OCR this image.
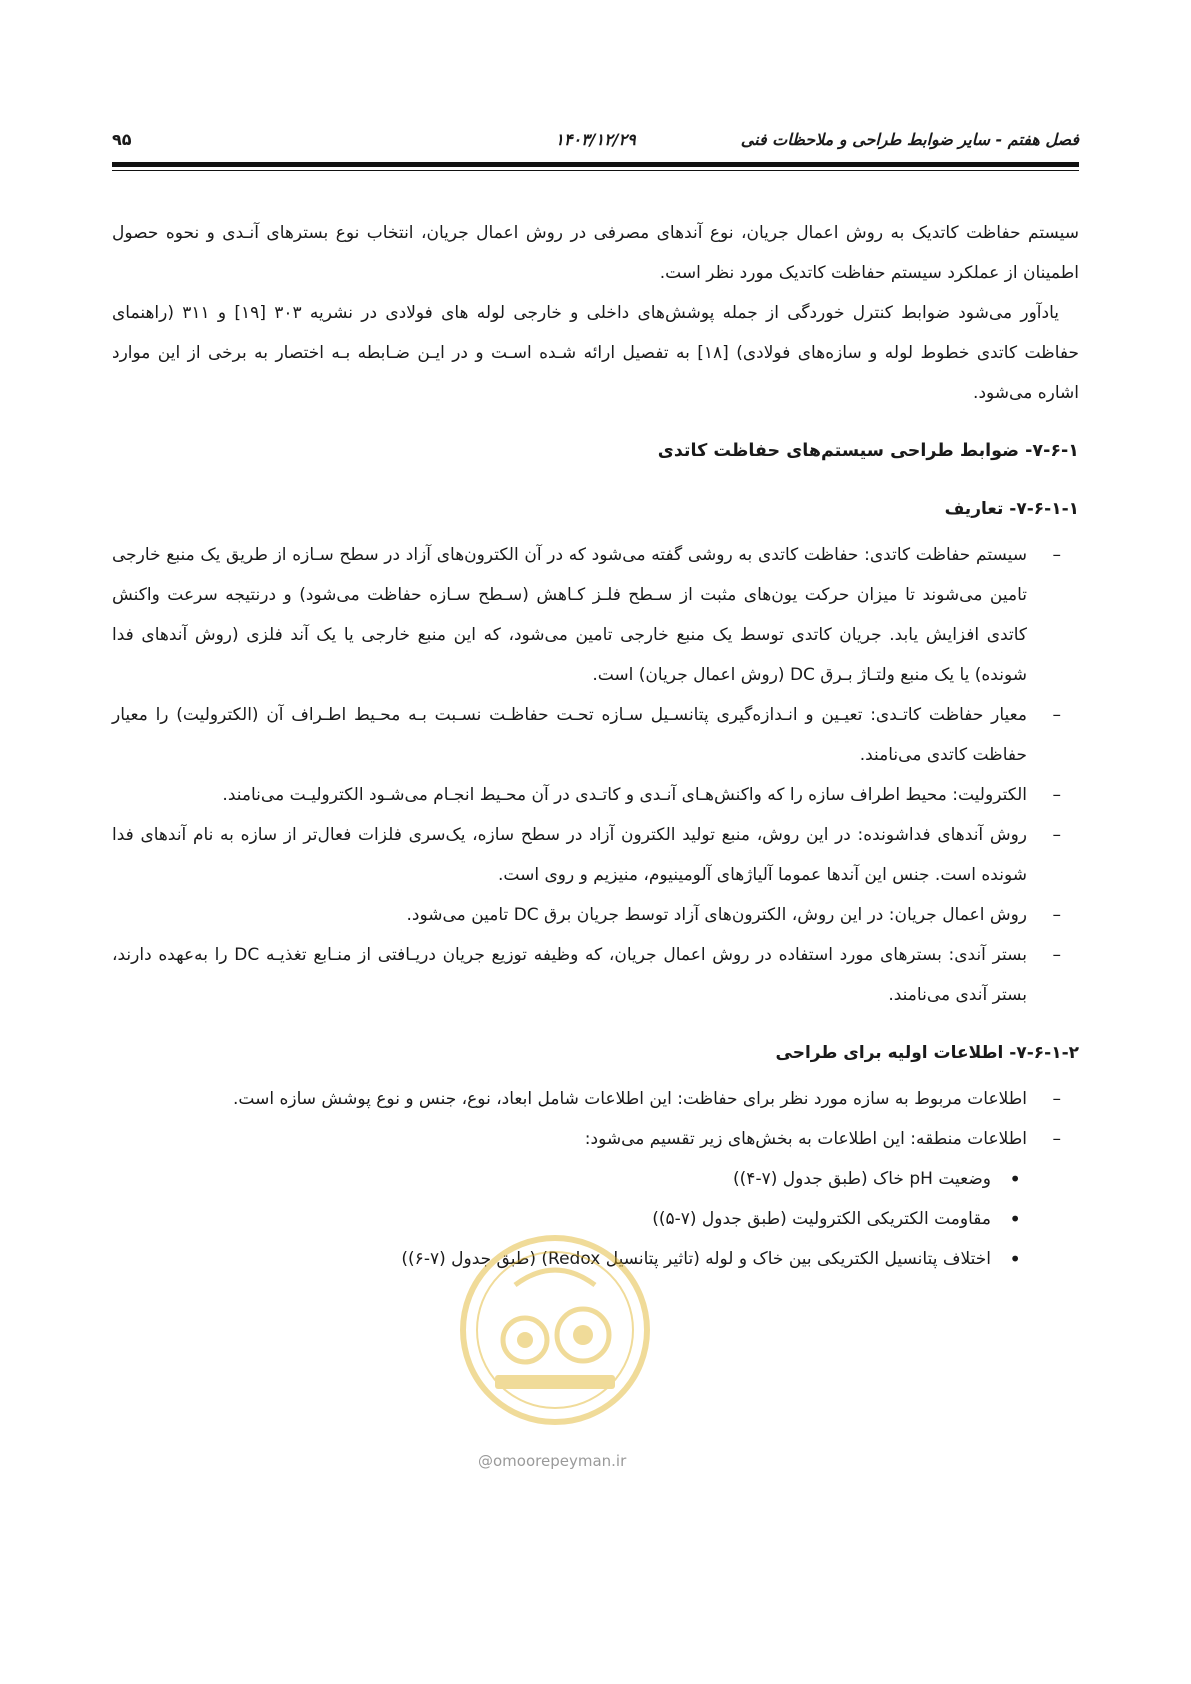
فصل هفتم - سایر ضوابط طراحی و ملاحظات فنی
۱۴۰۳/۱۲/۲۹
۹۵

سیستم حفاظت کاتدیک به روش اعمال جریان، نوع آندهای مصرفی در روش اعمال جریان، انتخاب نوع بسترهای آنـدی و نحوه حصول اطمینان از عملکرد سیستم حفاظت کاتدیک مورد نظر است.

یادآور می‌شود ضوابط کنترل خوردگی از جمله پوشش‌های داخلی و خارجی لوله های فولادی در نشریه ۳۰۳ [۱۹] و ۳۱۱ (راهنمای حفاظت کاتدی خطوط لوله و سازه‌های فولادی) [۱۸] به تفصیل ارائه شـده اسـت و در ایـن ضـابطه بـه اختصار به برخی از این موارد اشاره می‌شود.

۷-۶-۱- ضوابط طراحی سیستم‌های حفاظت کاتدی
۷-۶-۱-۱- تعاریف
– سیستم حفاظت کاتدی: حفاظت کاتدی به روشی گفته می‌شود که در آن الکترون‌های آزاد در سطح سـازه از طریق یک منبع خارجی تامین می‌شوند تا میزان حرکت یون‌های مثبت از سـطح فلـز کـاهش (سـطح سـازه حفاظت می‌شود) و درنتیجه سرعت واکنش کاتدی افزایش یابد. جریان کاتدی توسط یک منبع خارجی تامین می‌شود، که این منبع خارجی یا یک آند فلزی (روش آندهای فدا شونده) یا یک منبع ولتـاژ بـرق DC (روش اعمال جریان) است.
– معیار حفاظت کاتـدی: تعیـین و انـدازه‌گیری پتانسـیل سـازه تحـت حفاظـت نسـبت بـه محـیط اطـراف آن (الکترولیت) را معیار حفاظت کاتدی می‌نامند.
– الکترولیت: محیط اطراف سازه را که واکنش‌هـای آنـدی و کاتـدی در آن محـیط انجـام می‌شـود الکترولیـت می‌نامند.
– روش آندهای فداشونده: در این روش، منبع تولید الکترون آزاد در سطح سازه، یک‌سری فلزات فعال‌تر از سازه به نام آندهای فدا شونده است. جنس این آندها عموما آلیاژهای آلومینیوم، منیزیم و روی است.
– روش اعمال جریان: در این روش، الکترون‌های آزاد توسط جریان برق DC تامین می‌شود.
– بستر آندی: بسترهای مورد استفاده در روش اعمال جریان، که وظیفه توزیع جریان دریـافتی از منـابع تغذیـه DC را به‌عهده دارند، بستر آندی می‌نامند.
۷-۶-۱-۲- اطلاعات اولیه برای طراحی
– اطلاعات مربوط به سازه مورد نظر برای حفاظت: این اطلاعات شامل ابعاد، نوع، جنس و نوع پوشش سازه است.
– اطلاعات منطقه: این اطلاعات به بخش‌های زیر تقسیم می‌شود:
• وضعیت pH خاک (طبق جدول (۷-۴))
• مقاومت الکتریکی الکترولیت (طبق جدول (۷-۵))
• اختلاف پتانسیل الکتریکی بین خاک و لوله (تاثیر پتانسیل Redox) (طبق جدول (۷-۶))
@omoorepeyman.ir
